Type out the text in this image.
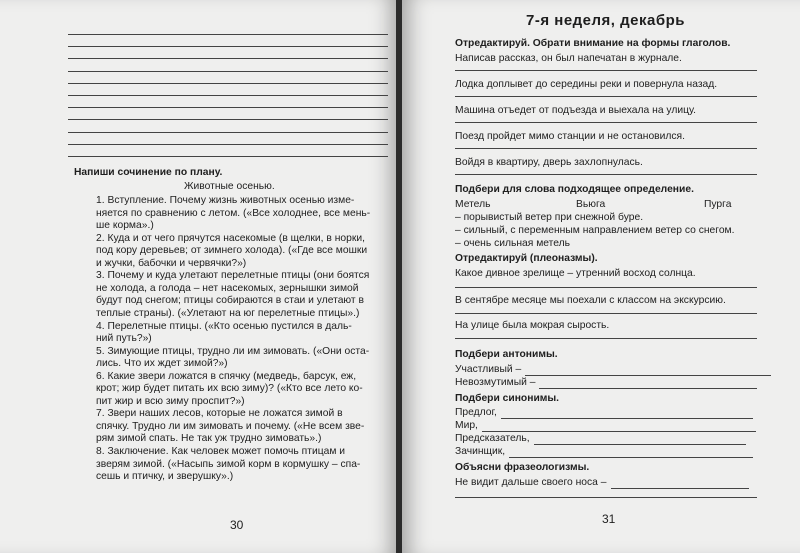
Напиши сочинение по плану.
Животные осенью.
1. Вступление. Почему жизнь животных осенью изме-
няется по сравнению с летом. («Все холоднее, все мень-
ше корма».)
2. Куда и от чего прячутся насекомые (в щелки, в норки,
под кору деревьев; от зимнего холода). («Где все мошки
и жучки, бабочки и червячки?»)
3. Почему и куда улетают перелетные птицы (они боятся
не холода, а голода – нет насекомых, зернышки зимой
будут под снегом; птицы собираются в стаи и улетают в
теплые страны). («Улетают на юг перелетные птицы».)
4. Перелетные птицы. («Кто осенью пустился в даль-
ний путь?»)
5. Зимующие птицы, трудно ли им зимовать. («Они оста-
лись. Что их ждет зимой?»)
6. Какие звери ложатся в спячку (медведь, барсук, еж,
крот; жир будет питать их всю зиму)? («Кто все лето ко-
пит жир и всю зиму проспит?»)
7. Звери наших лесов, которые не ложатся зимой в
спячку. Трудно ли им зимовать и почему. («Не всем зве-
рям зимой спать. Не так уж трудно зимовать».)
8. Заключение. Как человек может помочь птицам и
зверям зимой. («Насыпь зимой корм в кормушку – спа-
сешь и птичку, и зверушку».)
30
7-я неделя, декабрь
Отредактируй. Обрати внимание на формы глаголов.
Написав рассказ, он был напечатан в журнале.
Лодка доплывет до середины реки и повернула назад.
Машина отъедет от подъезда и выехала на улицу.
Поезд пройдет мимо станции и не остановился.
Войдя в квартиру, дверь захлопнулась.
Подбери для слова подходящее определение.
Метель	Вьюга	Пурга
– порывистый ветер при снежной буре.
– сильный, с переменным направлением ветер со снегом.
– очень сильная метель
Отредактируй (плеоназмы).
Какое дивное зрелище – утренний восход солнца.
В сентябре месяце мы поехали с классом на экскурсию.
На улице была мокрая сырость.
Подбери антонимы.
Участливый –
Невозмутимый –
Подбери синонимы.
Предлог,
Мир,
Предсказатель,
Зачинщик,
Объясни фразеологизмы.
Не видит дальше своего носа –
31
